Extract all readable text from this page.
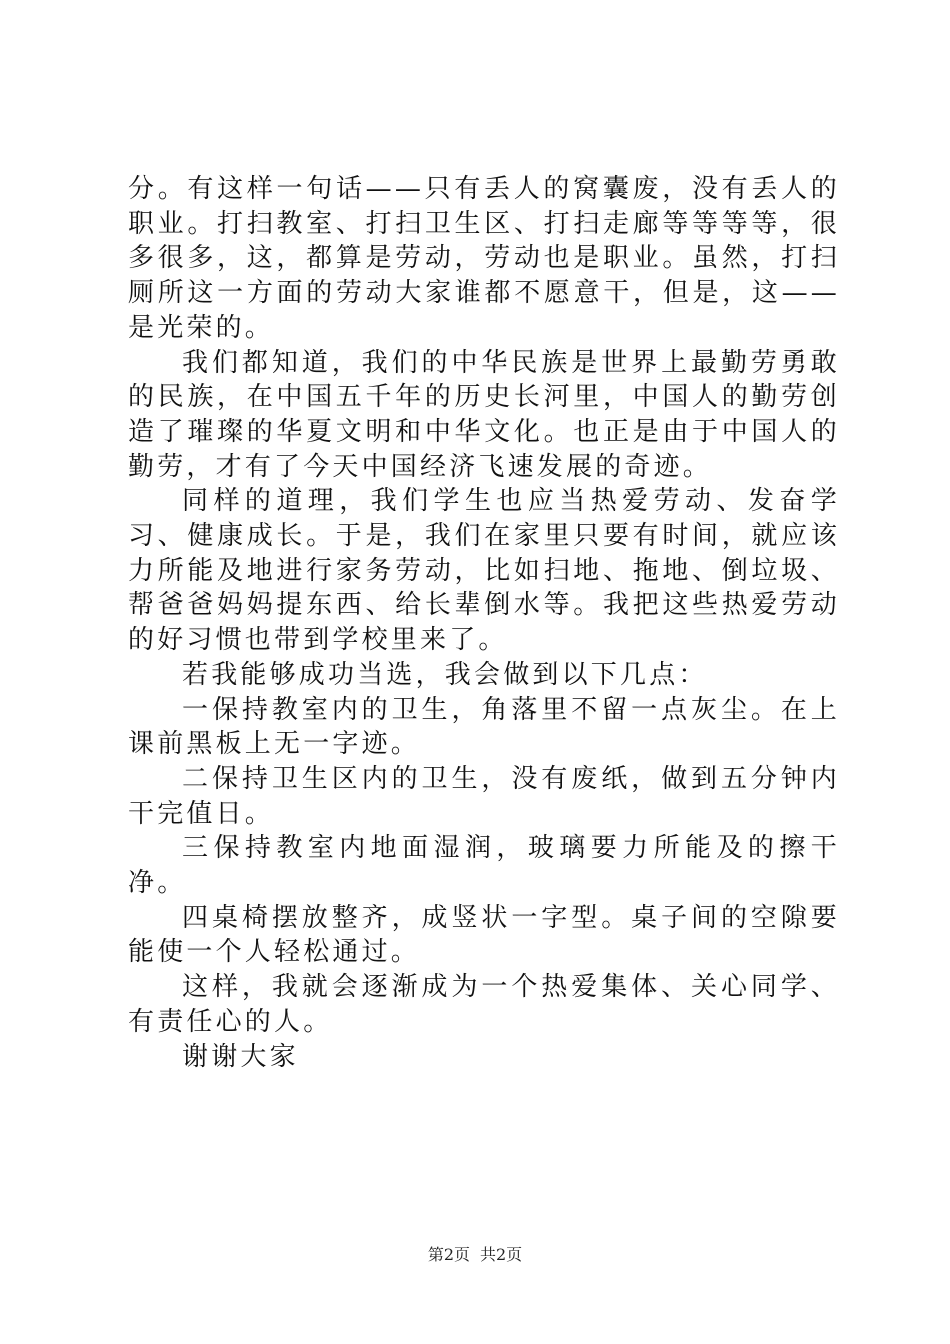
分。有这样一句话——只有丢人的窝囊废，没有丢人的职业。打扫教室、打扫卫生区、打扫走廊等等等等，很多很多，这，都算是劳动，劳动也是职业。虽然，打扫厕所这一方面的劳动大家谁都不愿意干，但是，这——是光荣的。

我们都知道，我们的中华民族是世界上最勤劳勇敢的民族，在中国五千年的历史长河里，中国人的勤劳创造了璀璨的华夏文明和中华文化。也正是由于中国人的勤劳，才有了今天中国经济飞速发展的奇迹。

同样的道理，我们学生也应当热爱劳动、发奋学习、健康成长。于是，我们在家里只要有时间，就应该力所能及地进行家务劳动，比如扫地、拖地、倒垃圾、帮爸爸妈妈提东西、给长辈倒水等。我把这些热爱劳动的好习惯也带到学校里来了。

若我能够成功当选，我会做到以下几点：

一保持教室内的卫生，角落里不留一点灰尘。在上课前黑板上无一字迹。

二保持卫生区内的卫生，没有废纸，做到五分钟内干完值日。

三保持教室内地面湿润，玻璃要力所能及的擦干净。

四桌椅摆放整齐，成竖状一字型。桌子间的空隙要能使一个人轻松通过。

这样，我就会逐渐成为一个热爱集体、关心同学、有责任心的人。

谢谢大家

第2页 共2页
